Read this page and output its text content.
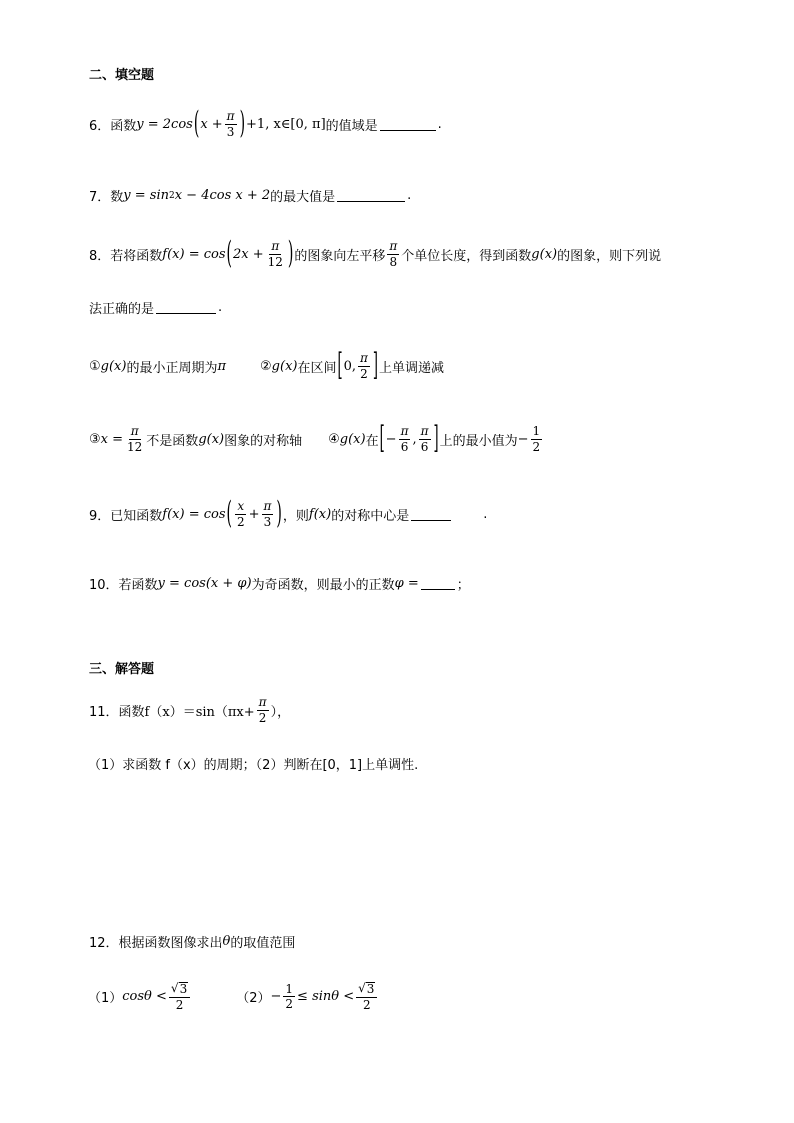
二、填空题
6．函数 y = 2cos ( $x + \frac{\pi}{3}$ ) +1, x∈[0, π] 的值域是	.
7．数 y = sin 2 x − 4cos x + 2 的最大值是	.
8．若将函数 f(x) = cos ( $2x + \frac{\pi}{12}$ ) 的图象向左平移 $\frac{\pi}{8}$ 个单位长度，得到函数 g(x) 的图象，则下列说
法正确的是	.
① g(x) 的最小正周期为 π	② g(x) 在区间 [ 0, $\frac{\pi}{2}$ ] 上单调递减
③ $x = \frac{\pi}{12}$ 不是函数 g(x) 图象的对称轴 ④ g(x) 在 [ − $\frac{\pi}{6}$ , $\frac{\pi}{6}$ ] 上的最小值为 − $\frac{1}{2}$
9．已知函数 f(x) = cos ( $\frac{x}{2} + \frac{\pi}{3}$ ) ，则 f(x) 的对称中心是	.
10．若函数 y = cos(x + φ) 为奇函数，则最小的正数 φ =	；
三、解答题
11．函数 $f(x)=\sin(\pi x+ \frac{\pi}{2}$ ），
（1）求函数 f（x）的周期；（2）判断在[0，1]上单调性.
12．根据函数图像求出 θ 的取值范围
（1） $\cos\theta < \frac{√ 3}{2}$	$(2) - \frac{1}{2} \le \sin\theta < \frac{√ 3}{2}$
